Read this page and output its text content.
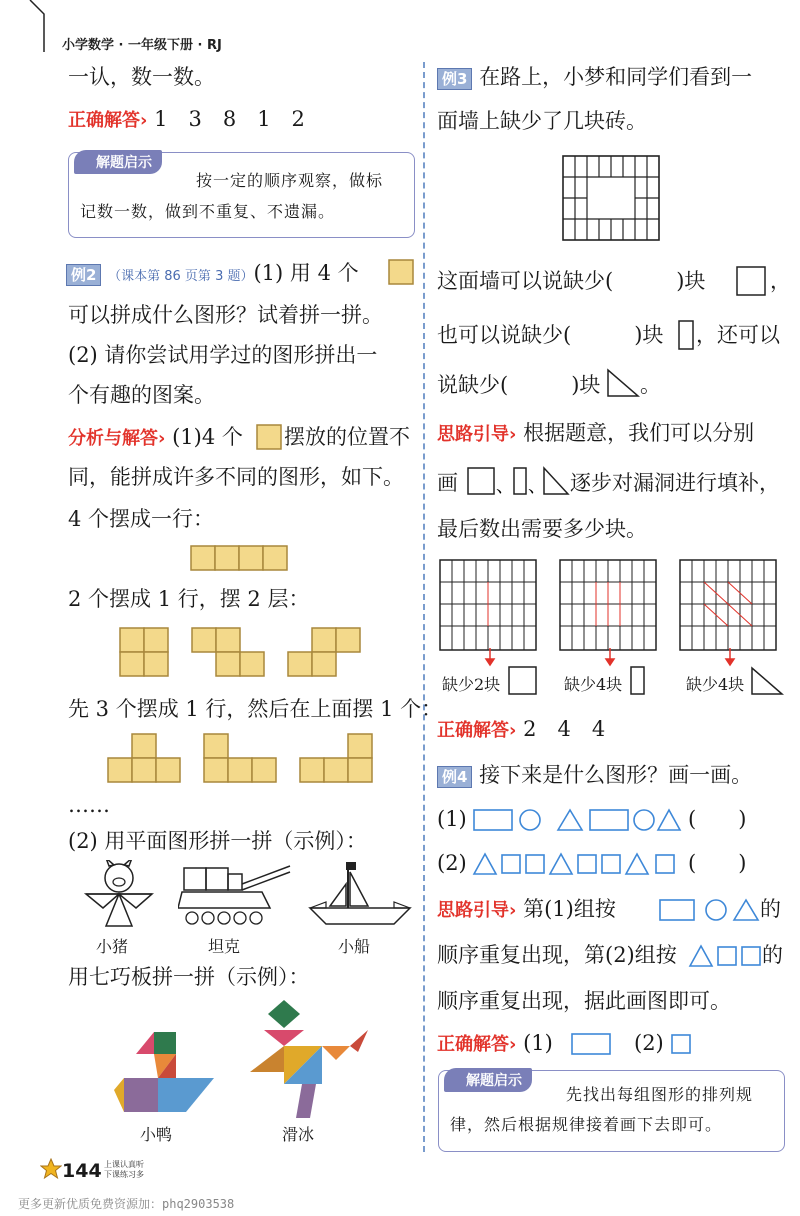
小学数学 · 一年级下册 · RJ
一认，数一数。
正确解答› 1　3　8　1　2
解题启示
按一定的顺序观察，做标
记数一数，做到不重复、不遗漏。
例2 （课本第 86 页第 3 题）(1) 用 4 个
可以拼成什么图形？试着拼一拼。
(2) 请你尝试用学过的图形拼出一
个有趣的图案。
分析与解答› (1)4 个 摆放的位置不
同，能拼成许多不同的图形，如下。
4 个摆成一行：
2 个摆成 1 行，摆 2 层：
先 3 个摆成 1 行，然后在上面摆 1 个：
……
(2) 用平面图形拼一拼（示例）：
小猪	坦克	小船
用七巧板拼一拼（示例）：
小鸭	滑冰
例3 在路上，小梦和同学们看到一
面墙上缺少了几块砖。
这面墙可以说缺少(　　　)块	，
也可以说缺少(　　　)块 ，还可以
说缺少(　　　)块 。
思路引导› 根据题意，我们可以分别
画 、 、 逐步对漏洞进行填补，
最后数出需要多少块。
缺少2块	缺少4块	缺少4块
正确解答› 2　4　4
例4 接下来是什么图形？画一画。
(1)	(　　)
(2)	(　　)
思路引导› 第(1)组按	的
顺序重复出现，第(2)组按	的
顺序重复出现，据此画图即可。
正确解答› (1)	(2)
解题启示
先找出每组图形的排列规
律，然后根据规律接着画下去即可。
144 上课认真听
下课练习多
更多更新优质免费资源加：phq2903538
